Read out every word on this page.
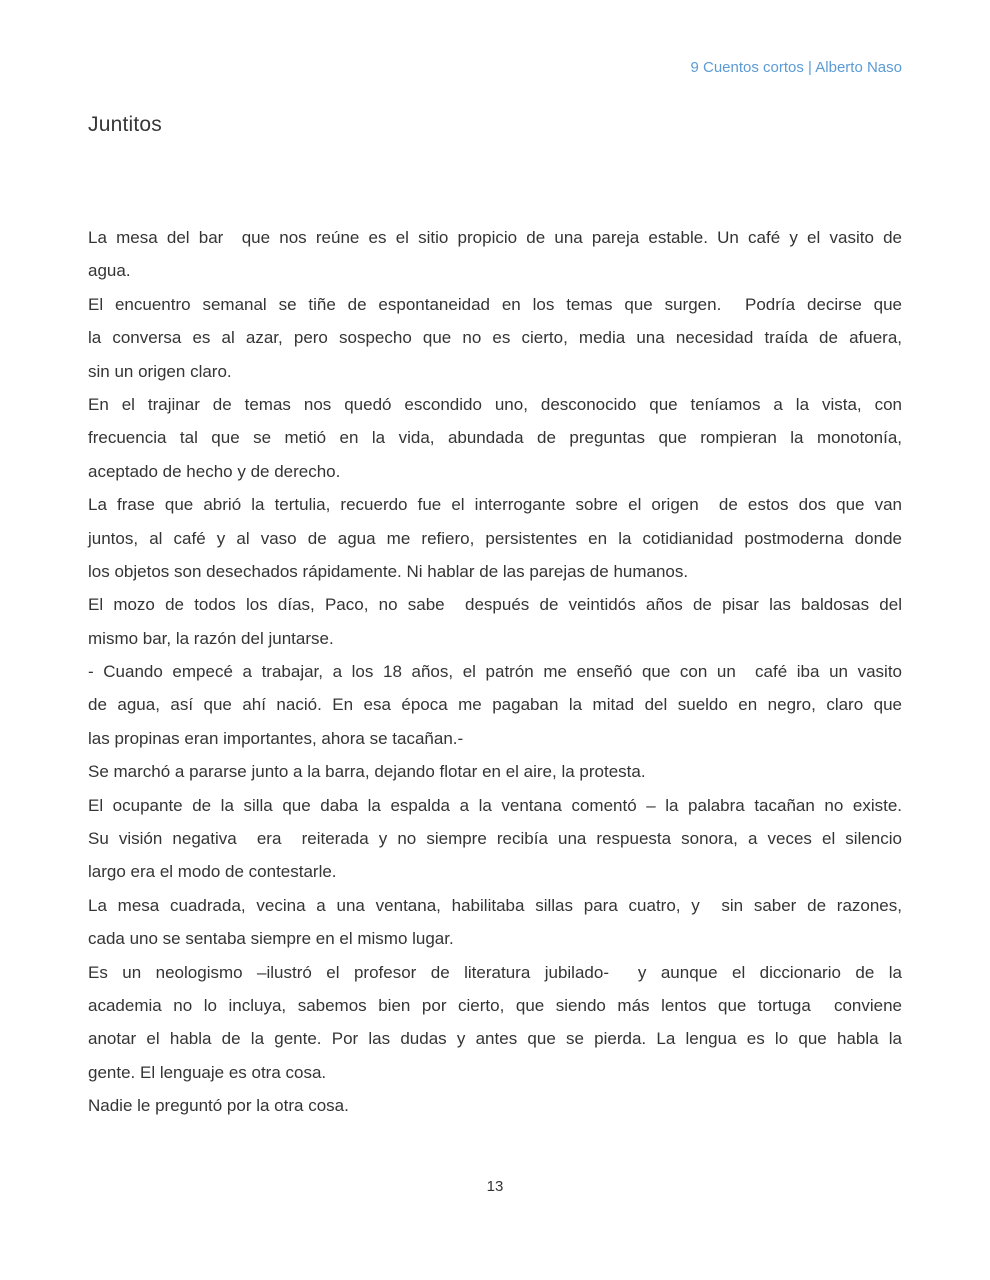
9 Cuentos cortos | Alberto Naso
Juntitos
La mesa del bar  que nos reúne es el sitio propicio de una pareja estable. Un café y el vasito de
agua.
El encuentro semanal se tiñe de espontaneidad en los temas que surgen.  Podría decirse que
la conversa es al azar, pero sospecho que no es cierto, media una necesidad traída de afuera,
sin un origen claro.
En el trajinar de temas nos quedó escondido uno, desconocido que teníamos a la vista, con
frecuencia tal que se metió en la vida, abundada de preguntas que rompieran la monotonía,
aceptado de hecho y de derecho.
La frase que abrió la tertulia, recuerdo fue el interrogante sobre el origen  de estos dos que van
juntos, al café y al vaso de agua me refiero, persistentes en la cotidianidad postmoderna donde
los objetos son desechados rápidamente. Ni hablar de las parejas de humanos.
El mozo de todos los días, Paco, no sabe  después de veintidós años de pisar las baldosas del
mismo bar, la razón del juntarse.
- Cuando empecé a trabajar, a los 18 años, el patrón me enseñó que con un  café iba un vasito
de agua, así que ahí nació. En esa época me pagaban la mitad del sueldo en negro, claro que
las propinas eran importantes, ahora se tacañan.-
Se marchó a pararse junto a la barra, dejando flotar en el aire, la protesta.
El ocupante de la silla que daba la espalda a la ventana comentó – la palabra tacañan no existe.
Su visión negativa  era  reiterada y no siempre recibía una respuesta sonora, a veces el silencio
largo era el modo de contestarle.
La mesa cuadrada, vecina a una ventana, habilitaba sillas para cuatro, y  sin saber de razones,
cada uno se sentaba siempre en el mismo lugar.
Es un neologismo –ilustró el profesor de literatura jubilado-  y aunque el diccionario de la
academia no lo incluya, sabemos bien por cierto, que siendo más lentos que tortuga  conviene
anotar el habla de la gente. Por las dudas y antes que se pierda. La lengua es lo que habla la
gente. El lenguaje es otra cosa.
Nadie le preguntó por la otra cosa.
13
